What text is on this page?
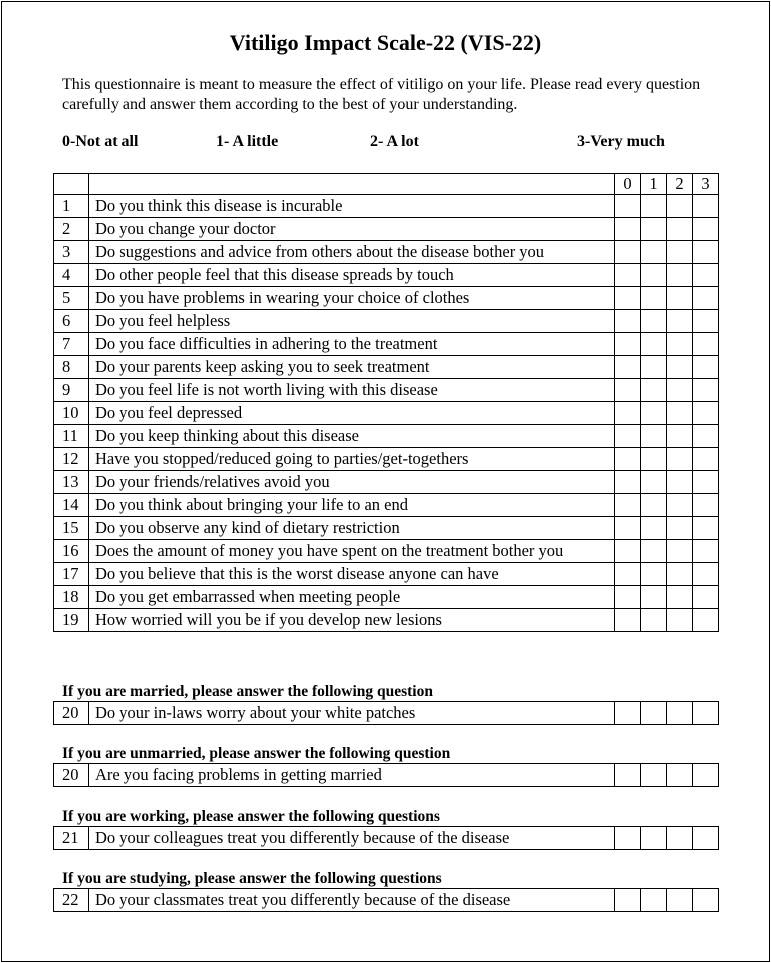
Vitiligo Impact Scale-22 (VIS-22)

This questionnaire is meant to measure the effect of vitiligo on your life. Please read every question carefully and answer them according to the best of your understanding.

0-Not at all	1- A little	2- A lot	3-Very much
		0	1	2	3
1	Do you think this disease is incurable				
2	Do you change your doctor				
3	Do suggestions and advice from others about the disease bother you				
4	Do other people feel that this disease spreads by touch				
5	Do you have problems in wearing your choice of clothes				
6	Do you feel helpless				
7	Do you face difficulties in adhering to the treatment				
8	Do your parents keep asking you to seek treatment				
9	Do you feel life is not worth living with this disease				
10	Do you feel depressed				
11	Do you keep thinking about this disease				
12	Have you stopped/reduced going to parties/get-togethers				
13	Do your friends/relatives avoid you				
14	Do you think about bringing your life to an end				
15	Do you observe any kind of dietary restriction				
16	Does the amount of money you have spent on the treatment bother you				
17	Do you believe that this is the worst disease anyone can have				
18	Do you get embarrassed when meeting people				
19	How worried will you be if you develop new lesions				

If you are married, please answer the following question

20	Do your in-laws worry about your white patches				

If you are unmarried, please answer the following question

20	Are you facing problems in getting married				

If you are working, please answer the following questions

21	Do your colleagues treat you differently because of the disease				

If you are studying, please answer the following questions

22	Do your classmates treat you differently because of the disease				
